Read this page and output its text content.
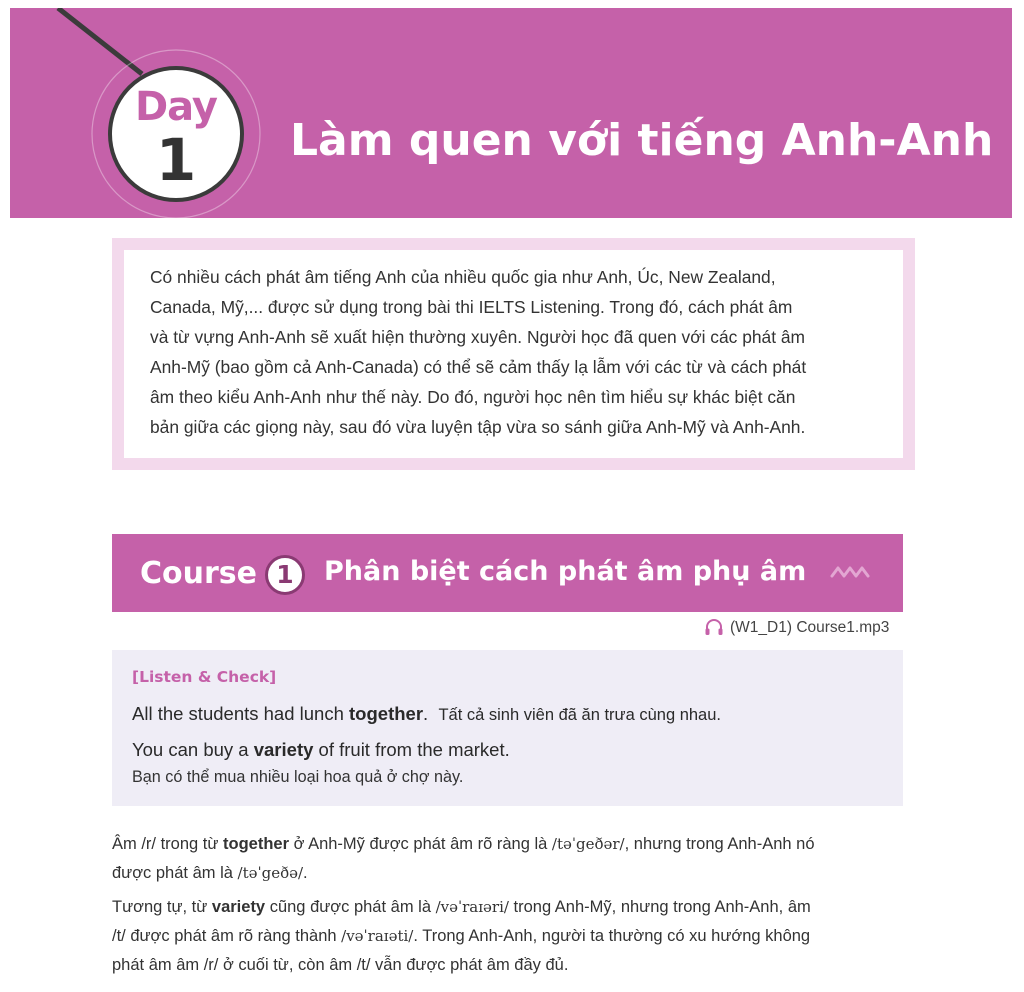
Day
1	Làm quen với tiếng Anh-Anh
Có nhiều cách phát âm tiếng Anh của nhiều quốc gia như Anh, Úc, New Zealand,
Canada, Mỹ,... được sử dụng trong bài thi IELTS Listening. Trong đó, cách phát âm
và từ vựng Anh-Anh sẽ xuất hiện thường xuyên. Người học đã quen với các phát âm
Anh-Mỹ (bao gồm cả Anh-Canada) có thể sẽ cảm thấy lạ lẫm với các từ và cách phát
âm theo kiểu Anh-Anh như thế này. Do đó, người học nên tìm hiểu sự khác biệt căn
bản giữa các giọng này, sau đó vừa luyện tập vừa so sánh giữa Anh-Mỹ và Anh-Anh.
Course 1	Phân biệt cách phát âm phụ âm
(W1_D1) Course1.mp3
[Listen & Check]
All the students had lunch together. Tất cả sinh viên đã ăn trưa cùng nhau.
You can buy a variety of fruit from the market.
Bạn có thể mua nhiều loại hoa quả ở chợ này.
Âm /r/ trong từ together ở Anh-Mỹ được phát âm rõ ràng là /təˈgeðər/, nhưng trong Anh-Anh nó
được phát âm là /təˈgeðə/.
Tương tự, từ variety cũng được phát âm là /vəˈraɪəri/ trong Anh-Mỹ, nhưng trong Anh-Anh, âm
/t/ được phát âm rõ ràng thành /vəˈraɪəti/. Trong Anh-Anh, người ta thường có xu hướng không
phát âm âm /r/ ở cuối từ, còn âm /t/ vẫn được phát âm đầy đủ.
